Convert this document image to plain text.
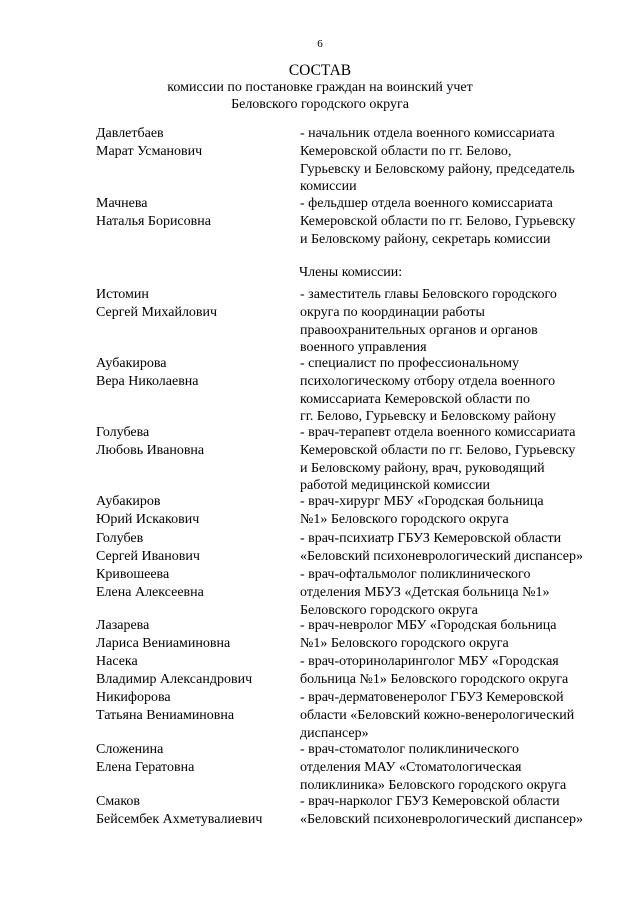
6
СОСТАВ
комиссии по постановке граждан на воинский учет
Беловского городского округа
Давлетбаев
Марат Усманович
- начальник отдела военного комиссариата
Кемеровской области по гг. Белово,
Гурьевску и Беловскому району, председатель
комиссии
Мачнева
Наталья Борисовна
- фельдшер отдела военного комиссариата
Кемеровской области по гг. Белово, Гурьевску
и Беловскому району, секретарь комиссии
Члены комиссии:
Истомин
Сергей Михайлович
- заместитель главы Беловского городского
округа по координации работы
правоохранительных органов и органов
военного управления
Аубакирова
Вера Николаевна
- специалист по профессиональному
психологическому отбору отдела военного
комиссариата Кемеровской области по
гг. Белово, Гурьевску и Беловскому району
Голубева
Любовь Ивановна
- врач-терапевт отдела военного комиссариата
Кемеровской области по гг. Белово, Гурьевску
и Беловскому району, врач, руководящий
работой медицинской комиссии
Аубакиров
Юрий Искакович
- врач-хирург МБУ «Городская больница
№1» Беловского городского округа
Голубев
Сергей Иванович
- врач-психиатр ГБУЗ Кемеровской области
«Беловский психоневрологический диспансер»
Кривошеева
Елена Алексеевна
- врач-офтальмолог поликлинического
отделения МБУЗ «Детская больница №1»
Беловского городского округа
Лазарева
Лариса Вениаминовна
- врач-невролог МБУ «Городская больница
№1» Беловского городского округа
Насека
Владимир Александрович
- врач-оториноларинголог МБУ «Городская
больница №1» Беловского городского округа
Никифорова
Татьяна Вениаминовна
- врач-дерматовенеролог ГБУЗ Кемеровской
области «Беловский кожно-венерологический
диспансер»
Сложенина
Елена Гератовна
- врач-стоматолог поликлинического
отделения МАУ «Стоматологическая
поликлиника» Беловского городского округа
Смаков
Бейсембек Ахметувалиевич
- врач-нарколог ГБУЗ Кемеровской области
«Беловский психоневрологический диспансер»
